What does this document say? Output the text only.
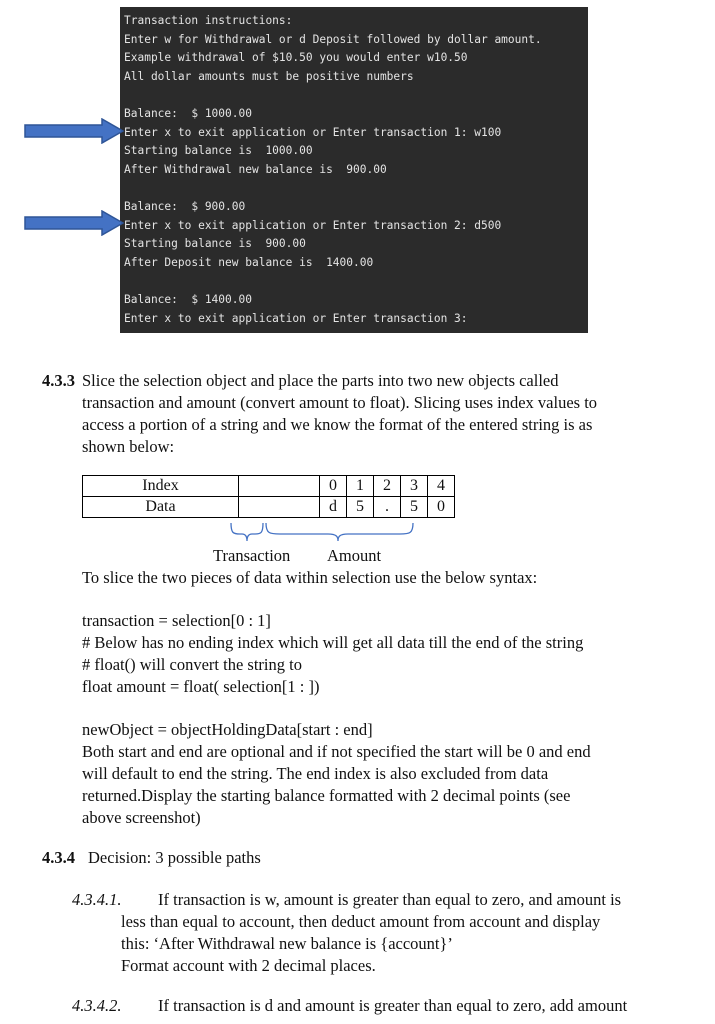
Transaction instructions:
Enter w for Withdrawal or d Deposit followed by dollar amount.
Example withdrawal of $10.50 you would enter w10.50
All dollar amounts must be positive numbers
Balance:  $ 1000.00
Enter x to exit application or Enter transaction 1: w100
Starting balance is  1000.00
After Withdrawal new balance is  900.00
Balance:  $ 900.00
Enter x to exit application or Enter transaction 2: d500
Starting balance is  900.00
After Deposit new balance is  1400.00
Balance:  $ 1400.00
Enter x to exit application or Enter transaction 3:
4.3.3 Slice the selection object and place the parts into two new objects called
transaction and amount (convert amount to float). Slicing uses index values to
access a portion of a string and we know the format of the entered string is as
shown below:
Index		0	1	2	3	4
Data		d	5	.	5	0
Transaction Amount
To slice the two pieces of data within selection use the below syntax:
transaction = selection[0 : 1]
# Below has no ending index which will get all data till the end of the string
# float() will convert the string to
float amount = float( selection[1 : ])
newObject = objectHoldingData[start : end]
Both start and end are optional and if not specified the start will be 0 and end
will default to end the string. The end index is also excluded from data
returned.Display the starting balance formatted with 2 decimal points (see
above screenshot)
4.3.4 Decision: 3 possible paths
4.3.4.1. If transaction is w, amount is greater than equal to zero, and amount is
less than equal to account, then deduct amount from account and display
this: ‘After Withdrawal new balance is {account}’
Format account with 2 decimal places.
4.3.4.2. If transaction is d and amount is greater than equal to zero, add amount
